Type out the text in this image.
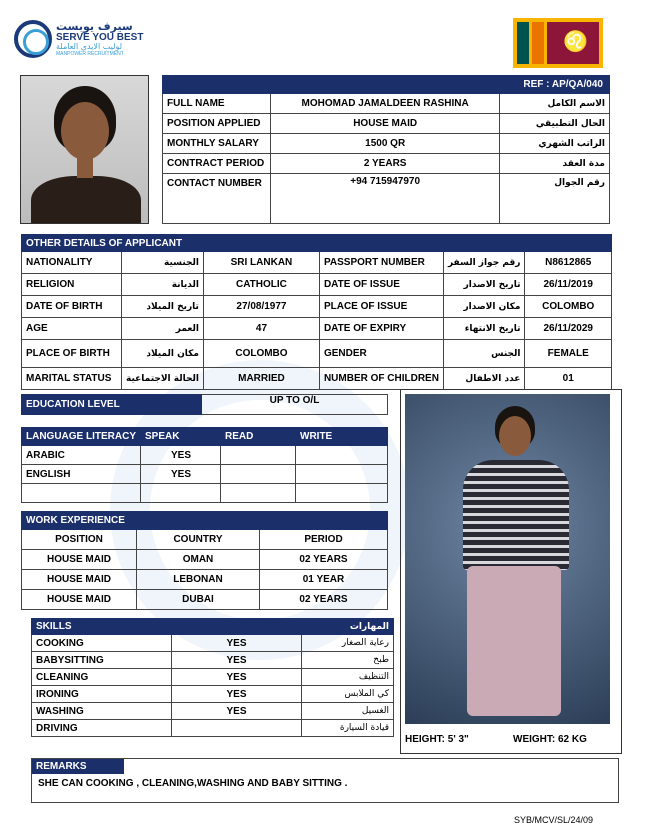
سيرف يوبست
SERVE YOU BEST
لوليب الايدي العاملة
MANPOWER RECRUITMENT
♌
REF : AP/QA/040		
FULL NAME	MOHOMAD JAMALDEEN RASHINA	الاسم الكامل
POSITION APPLIED	HOUSE MAID	الحال التطبيقي
MONTHLY SALARY	1500 QR	الراتب الشهري
CONTRACT PERIOD	2 YEARS	مدة العقد
CONTACT NUMBER	+94 715947970	رقم الجوال
OTHER DETAILS OF APPLICANT					
NATIONALITY	الجنسية	SRI LANKAN	PASSPORT NUMBER	رقم جواز السفر	N8612865
RELIGION	الديانة	CATHOLIC	DATE OF ISSUE	تاريخ الاصدار	26/11/2019
DATE OF BIRTH	تاريخ الميلاد	27/08/1977	PLACE OF ISSUE	مكان الاصدار	COLOMBO
AGE	العمر	47	DATE OF EXPIRY	تاريخ الانتهاء	26/11/2029
PLACE OF BIRTH	مكان الميلاد	COLOMBO	GENDER	الجنس	FEMALE
MARITAL STATUS	الحالة الاجتماعية	MARRIED	NUMBER OF CHILDREN	عدد الاطفال	01
EDUCATION LEVEL	UP TO O/L
LANGUAGE LITERACY	SPEAK	READ	WRITE
ARABIC	YES		
ENGLISH	YES		

WORK EXPERIENCE		
POSITION	COUNTRY	PERIOD
HOUSE MAID	OMAN	02 YEARS
HOUSE MAID	LEBONAN	01 YEAR
HOUSE MAID	DUBAI	02 YEARS
SKILLS		المهارات
COOKING	YES	رعاية الصغار
BABYSITTING	YES	طبخ
CLEANING	YES	التنظيف
IRONING	YES	كي الملابس
WASHING	YES	الغسيل
DRIVING		قيادة السيارة
HEIGHT: 5' 3"	WEIGHT: 62 KG
REMARKS
SHE CAN COOKING , CLEANING,WASHING AND BABY SITTING .
SYB/MCV/SL/24/09
